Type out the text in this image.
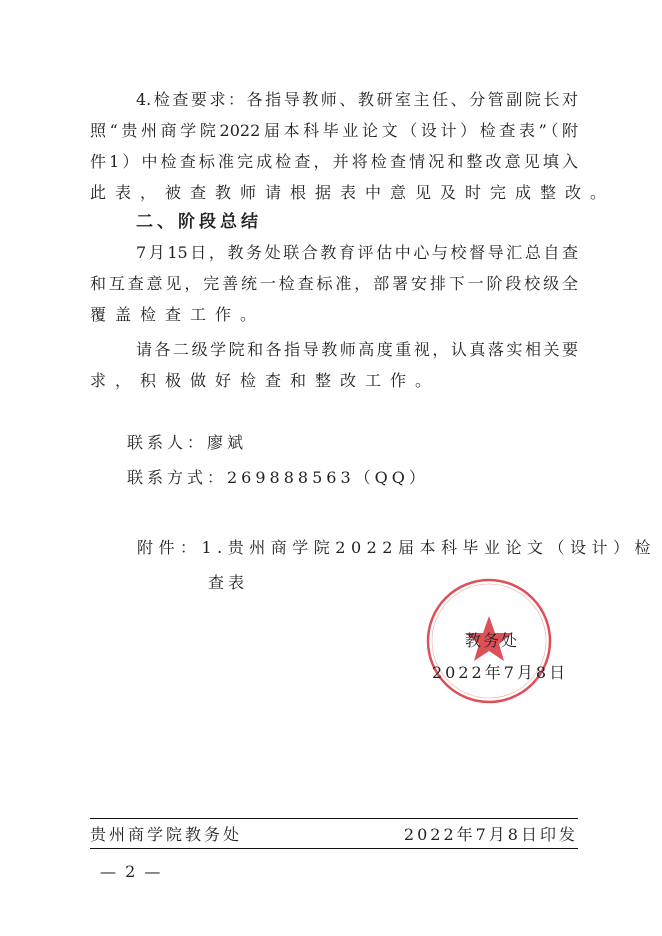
4.检查要求：各指导教师、教研室主任、分管副院长对
照“贵州商学院2022届本科毕业论文（设计）检查表”（附
件1）中检查标准完成检查，并将检查情况和整改意见填入
此表，被查教师请根据表中意见及时完成整改。
二、阶段总结
7月15日，教务处联合教育评估中心与校督导汇总自查
和互查意见，完善统一检查标准，部署安排下一阶段校级全
覆盖检查工作。
请各二级学院和各指导教师高度重视，认真落实相关要
求，积极做好检查和整改工作。
联系人：廖斌
联系方式：269888563（QQ）
附件：1.贵州商学院2022届本科毕业论文（设计）检
查表
教务处
2022年7月8日
贵州商学院教务处	2022年7月8日印发
— 2 —
